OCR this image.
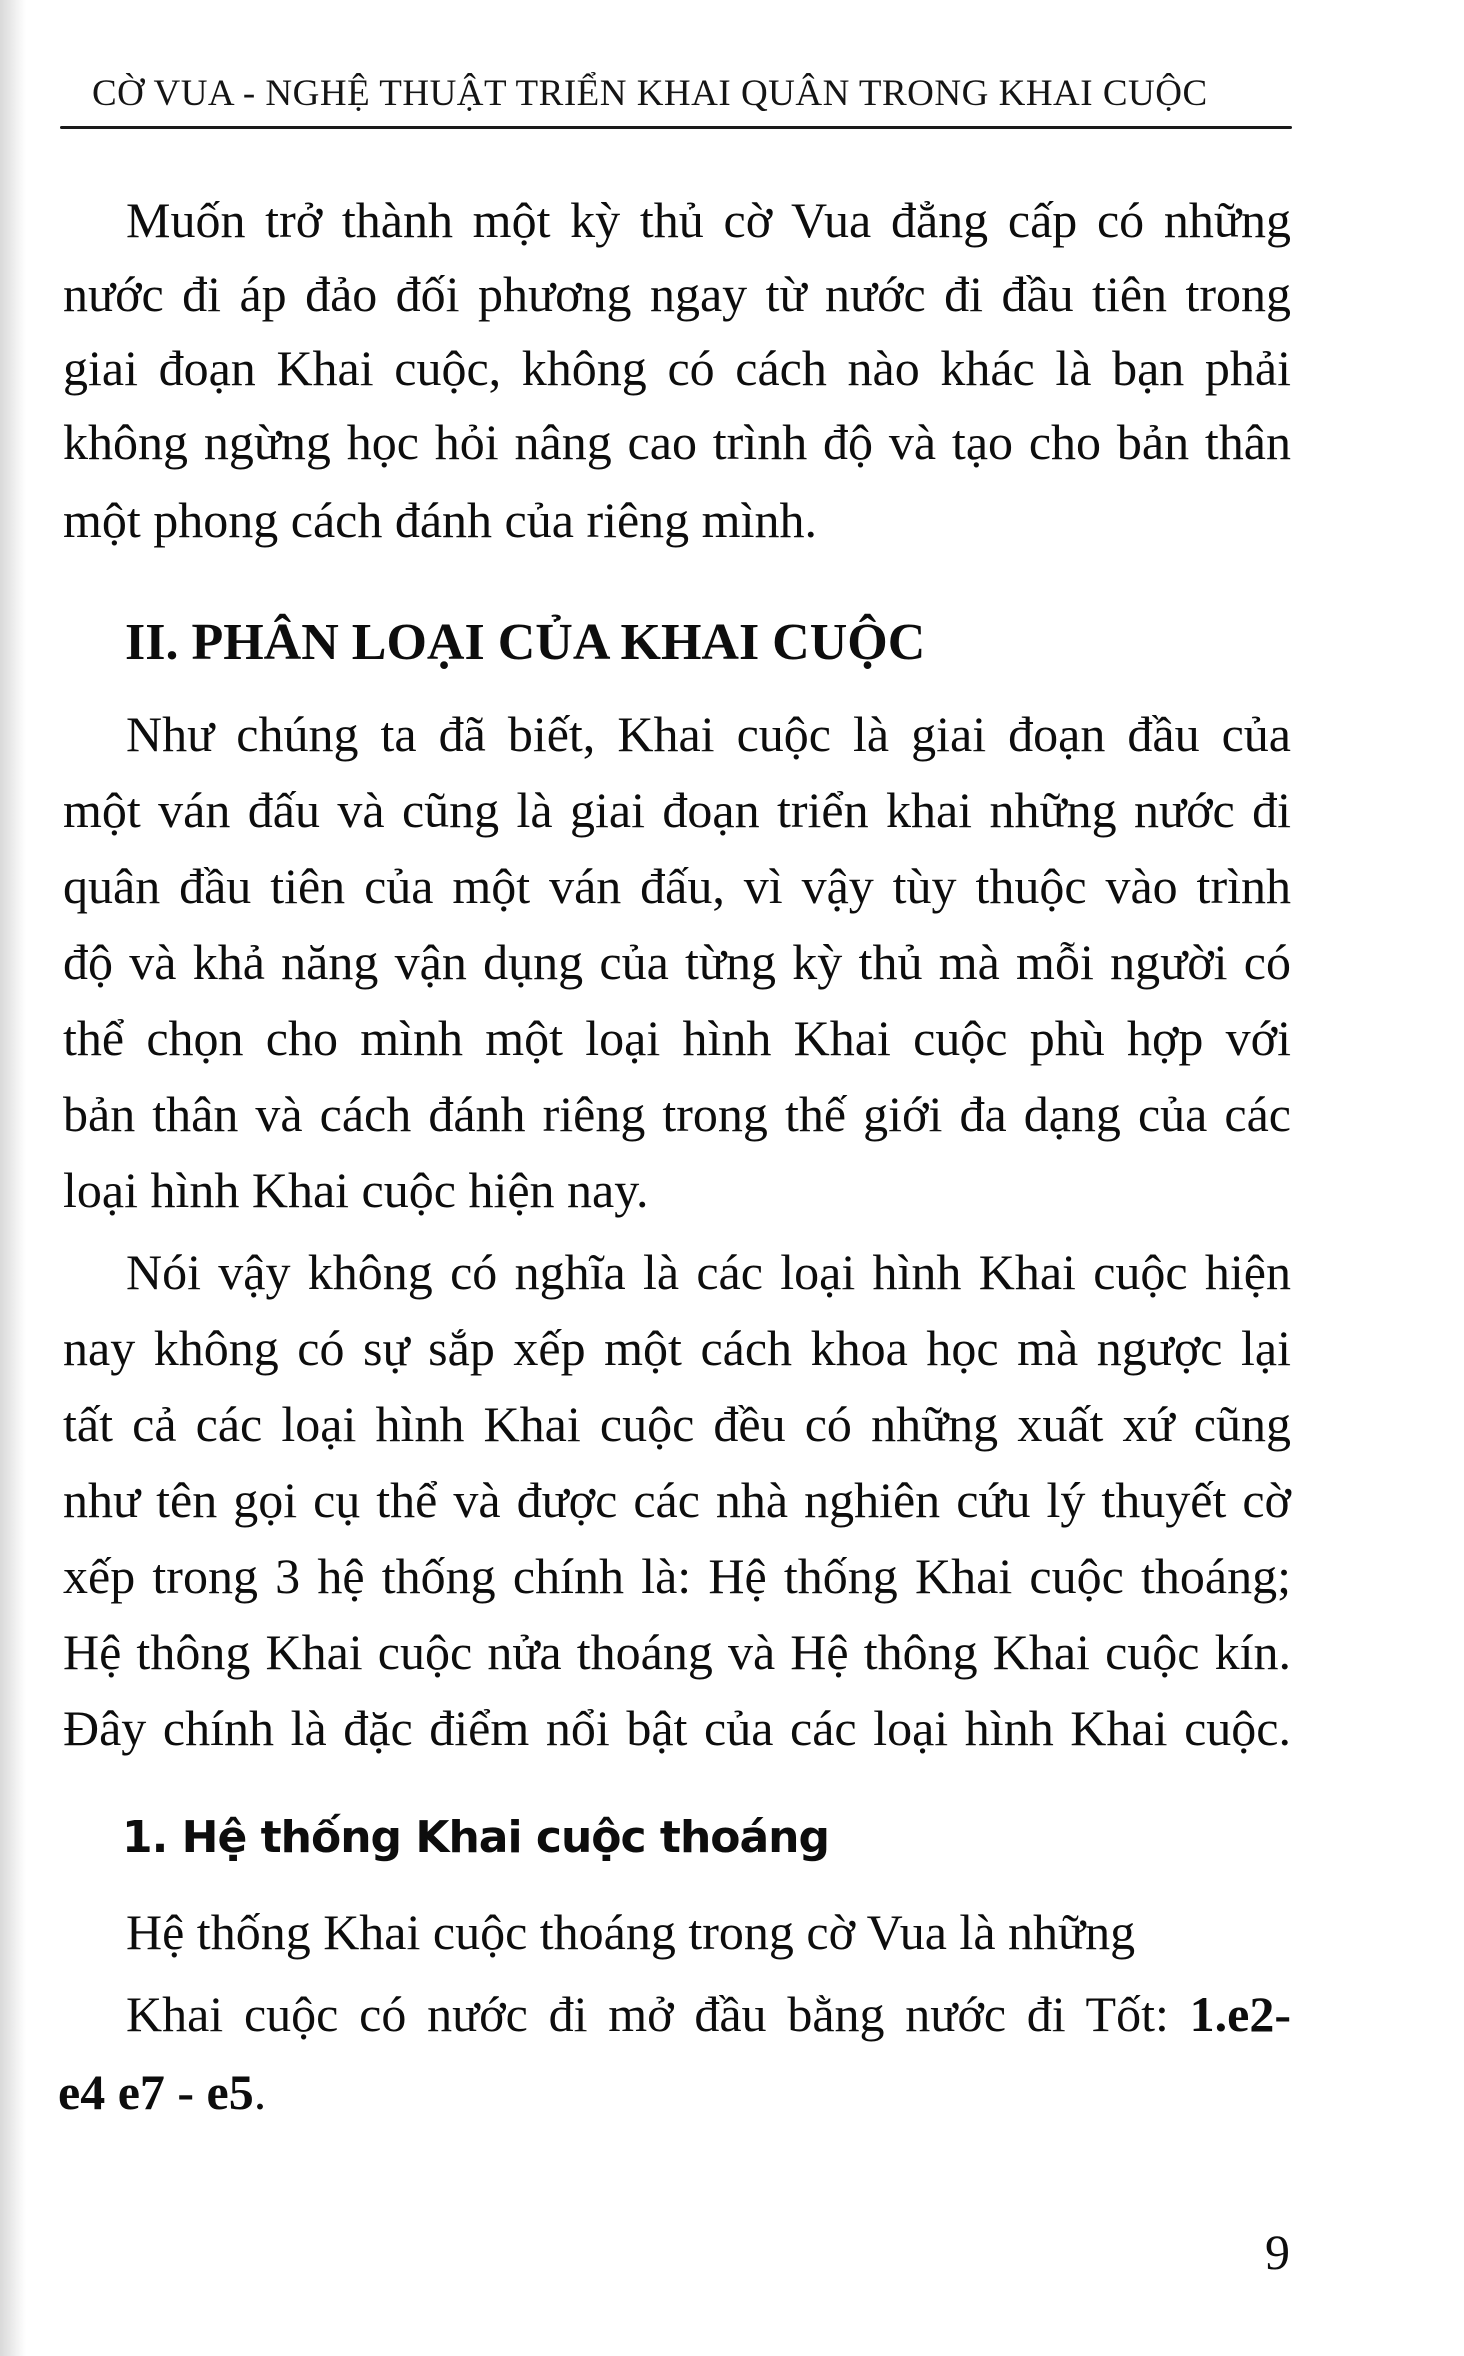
CỜ VUA - NGHỆ THUẬT TRIỂN KHAI QUÂN TRONG KHAI CUỘC
Muốn trở thành một kỳ thủ cờ Vua đẳng cấp có những
nước đi áp đảo đối phương ngay từ nước đi đầu tiên trong
giai đoạn Khai cuộc, không có cách nào khác là bạn phải
không ngừng học hỏi nâng cao trình độ và tạo cho bản thân
một phong cách đánh của riêng mình.
II. PHÂN LOẠI CỦA KHAI CUỘC
Như chúng ta đã biết, Khai cuộc là giai đoạn đầu của
một ván đấu và cũng là giai đoạn triển khai những nước đi
quân đầu tiên của một ván đấu, vì vậy tùy thuộc vào trình
độ và khả năng vận dụng của từng kỳ thủ mà mỗi người có
thể chọn cho mình một loại hình Khai cuộc phù hợp với
bản thân và cách đánh riêng trong thế giới đa dạng của các
loại hình Khai cuộc hiện nay.
Nói vậy không có nghĩa là các loại hình Khai cuộc hiện
nay không có sự sắp xếp một cách khoa học mà ngược lại
tất cả các loại hình Khai cuộc đều có những xuất xứ cũng
như tên gọi cụ thể và được các nhà nghiên cứu lý thuyết cờ
xếp trong 3 hệ thống chính là: Hệ thống Khai cuộc thoáng;
Hệ thông Khai cuộc nửa thoáng và Hệ thông Khai cuộc kín.
Đây chính là đặc điểm nổi bật của các loại hình Khai cuộc.
1. Hệ thống Khai cuộc thoáng
Hệ thống Khai cuộc thoáng trong cờ Vua là những
Khai cuộc có nước đi mở đầu bằng nước đi Tốt: 1.e2-
e4 e7 - e5.
9
